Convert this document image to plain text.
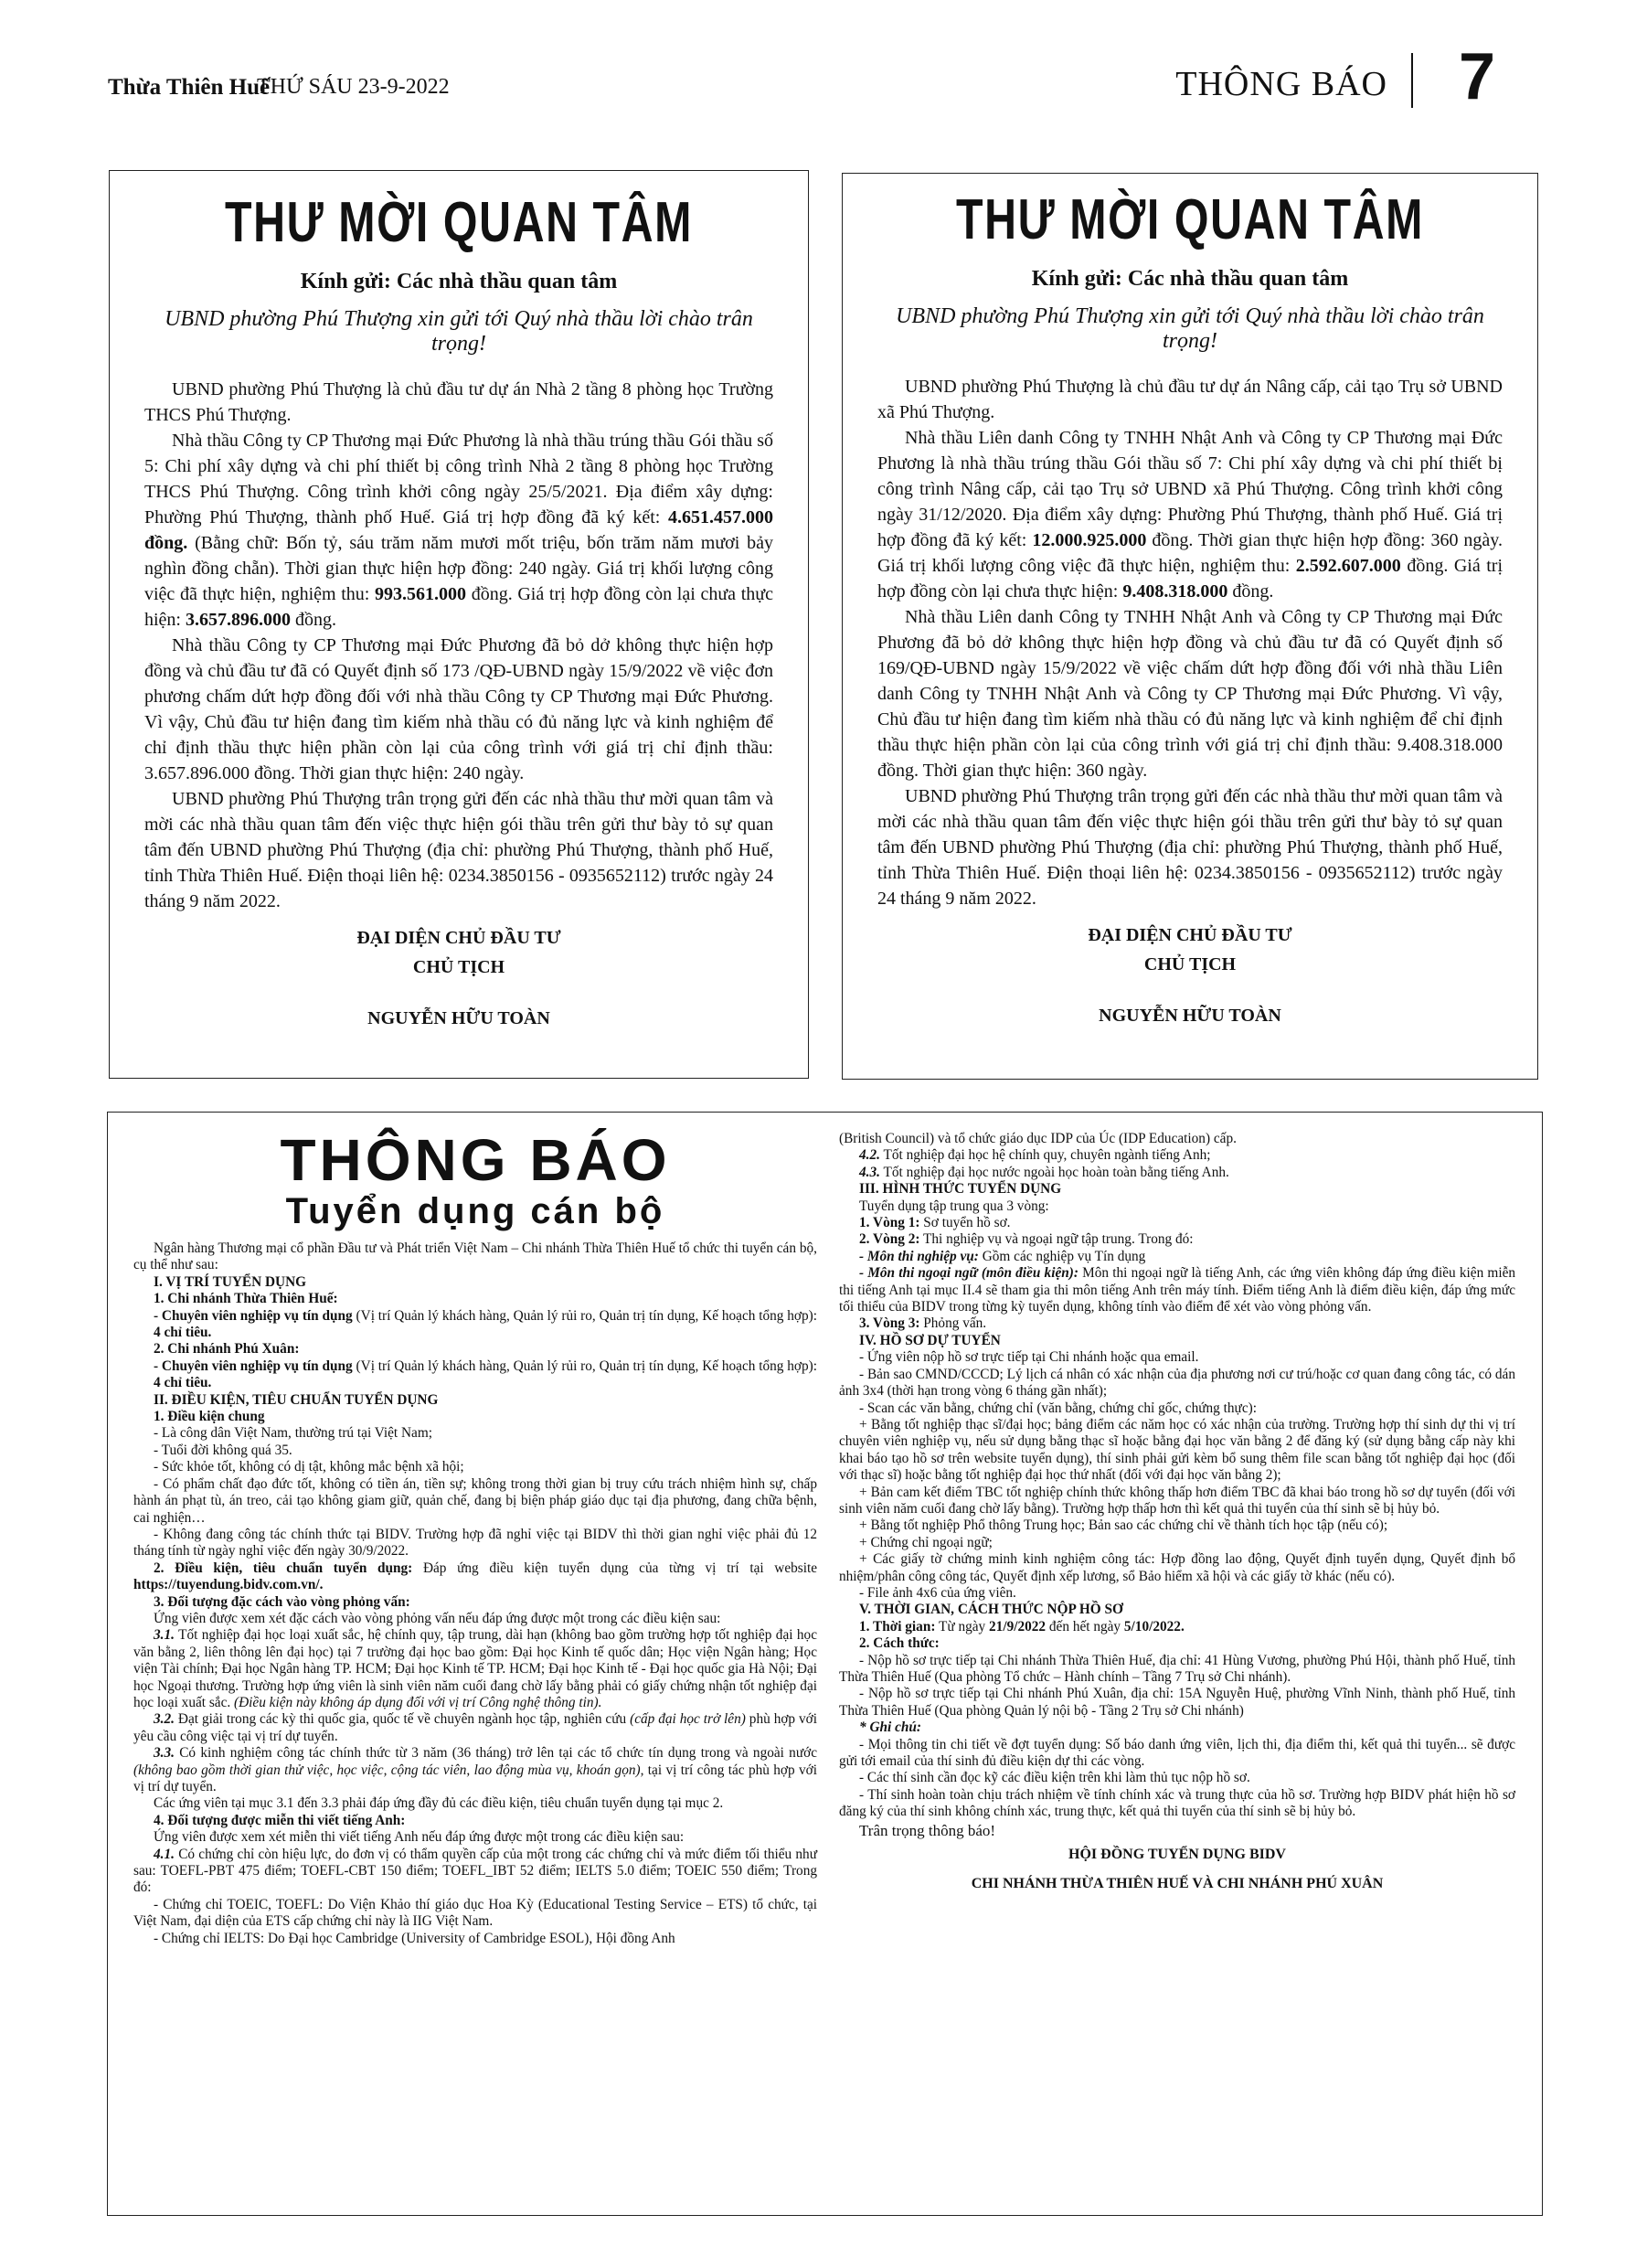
Thừa Thiên Huế
THỨ SÁU 23-9-2022	THÔNG BÁO 7
THƯ MỜI QUAN TÂM
Kính gửi: Các nhà thầu quan tâm
UBND phường Phú Thượng xin gửi tới Quý nhà thầu lời chào trân trọng!

UBND phường Phú Thượng là chủ đầu tư dự án Nhà 2 tầng 8 phòng học Trường THCS Phú Thượng.

Nhà thầu Công ty CP Thương mại Đức Phương là nhà thầu trúng thầu Gói thầu số 5: Chi phí xây dựng và chi phí thiết bị công trình Nhà 2 tầng 8 phòng học Trường THCS Phú Thượng. Công trình khởi công ngày 25/5/2021. Địa điểm xây dựng: Phường Phú Thượng, thành phố Huế. Giá trị hợp đồng đã ký kết: 4.651.457.000 đồng. (Bằng chữ: Bốn tỷ, sáu trăm năm mươi mốt triệu, bốn trăm năm mươi bảy nghìn đồng chẵn). Thời gian thực hiện hợp đồng: 240 ngày. Giá trị khối lượng công việc đã thực hiện, nghiệm thu: 993.561.000 đồng. Giá trị hợp đồng còn lại chưa thực hiện: 3.657.896.000 đồng.

Nhà thầu Công ty CP Thương mại Đức Phương đã bỏ dở không thực hiện hợp đồng và chủ đầu tư đã có Quyết định số 173 /QĐ-UBND ngày 15/9/2022 về việc đơn phương chấm dứt hợp đồng đối với nhà thầu Công ty CP Thương mại Đức Phương. Vì vậy, Chủ đầu tư hiện đang tìm kiếm nhà thầu có đủ năng lực và kinh nghiệm để chỉ định thầu thực hiện phần còn lại của công trình với giá trị chỉ định thầu: 3.657.896.000 đồng. Thời gian thực hiện: 240 ngày.

UBND phường Phú Thượng trân trọng gửi đến các nhà thầu thư mời quan tâm và mời các nhà thầu quan tâm đến việc thực hiện gói thầu trên gửi thư bày tỏ sự quan tâm đến UBND phường Phú Thượng (địa chỉ: phường Phú Thượng, thành phố Huế, tỉnh Thừa Thiên Huế. Điện thoại liên hệ: 0234.3850156 - 0935652112) trước ngày 24 tháng 9 năm 2022.

ĐẠI DIỆN CHỦ ĐẦU TƯ
CHỦ TỊCH
NGUYỄN HỮU TOÀN
THƯ MỜI QUAN TÂM
Kính gửi: Các nhà thầu quan tâm
UBND phường Phú Thượng xin gửi tới Quý nhà thầu lời chào trân trọng!

UBND phường Phú Thượng là chủ đầu tư dự án Nâng cấp, cải tạo Trụ sở UBND xã Phú Thượng.

Nhà thầu Liên danh Công ty TNHH Nhật Anh và Công ty CP Thương mại Đức Phương là nhà thầu trúng thầu Gói thầu số 7: Chi phí xây dựng và chi phí thiết bị công trình Nâng cấp, cải tạo Trụ sở UBND xã Phú Thượng. Công trình khởi công ngày 31/12/2020. Địa điểm xây dựng: Phường Phú Thượng, thành phố Huế. Giá trị hợp đồng đã ký kết: 12.000.925.000 đồng. Thời gian thực hiện hợp đồng: 360 ngày. Giá trị khối lượng công việc đã thực hiện, nghiệm thu: 2.592.607.000 đồng. Giá trị hợp đồng còn lại chưa thực hiện: 9.408.318.000 đồng.

Nhà thầu Liên danh Công ty TNHH Nhật Anh và Công ty CP Thương mại Đức Phương đã bỏ dở không thực hiện hợp đồng và chủ đầu tư đã có Quyết định số 169/QĐ-UBND ngày 15/9/2022 về việc chấm dứt hợp đồng đối với nhà thầu Liên danh Công ty TNHH Nhật Anh và Công ty CP Thương mại Đức Phương. Vì vậy, Chủ đầu tư hiện đang tìm kiếm nhà thầu có đủ năng lực và kinh nghiệm để chỉ định thầu thực hiện phần còn lại của công trình với giá trị chỉ định thầu: 9.408.318.000 đồng. Thời gian thực hiện: 360 ngày.

UBND phường Phú Thượng trân trọng gửi đến các nhà thầu thư mời quan tâm và mời các nhà thầu quan tâm đến việc thực hiện gói thầu trên gửi thư bày tỏ sự quan tâm đến UBND phường Phú Thượng (địa chỉ: phường Phú Thượng, thành phố Huế, tỉnh Thừa Thiên Huế. Điện thoại liên hệ: 0234.3850156 - 0935652112) trước ngày 24 tháng 9 năm 2022.

ĐẠI DIỆN CHỦ ĐẦU TƯ
CHỦ TỊCH
NGUYỄN HỮU TOÀN
THÔNG BÁO
Tuyển dụng cán bộ

Ngân hàng Thương mại cổ phần Đầu tư và Phát triển Việt Nam – Chi nhánh Thừa Thiên Huế tổ chức thi tuyển cán bộ, cụ thể như sau:

I. VỊ TRÍ TUYỂN DỤNG

1. Chi nhánh Thừa Thiên Huế:

- Chuyên viên nghiệp vụ tín dụng (Vị trí Quản lý khách hàng, Quản lý rủi ro, Quản trị tín dụng, Kế hoạch tổng hợp): 4 chỉ tiêu.

2. Chi nhánh Phú Xuân:

- Chuyên viên nghiệp vụ tín dụng (Vị trí Quản lý khách hàng, Quản lý rủi ro, Quản trị tín dụng, Kế hoạch tổng hợp): 4 chỉ tiêu.

II. ĐIỀU KIỆN, TIÊU CHUẨN TUYỂN DỤNG

1. Điều kiện chung

- Là công dân Việt Nam, thường trú tại Việt Nam;

- Tuổi đời không quá 35.

- Sức khỏe tốt, không có dị tật, không mắc bệnh xã hội;

- Có phẩm chất đạo đức tốt, không có tiền án, tiền sự; không trong thời gian bị truy cứu trách nhiệm hình sự, chấp hành án phạt tù, án treo, cải tạo không giam giữ, quản chế, đang bị biện pháp giáo dục tại địa phương, đang chữa bệnh, cai nghiện…

- Không đang công tác chính thức tại BIDV. Trường hợp đã nghỉ việc tại BIDV thì thời gian nghỉ việc phải đủ 12 tháng tính từ ngày nghỉ việc đến ngày 30/9/2022.

2. Điều kiện, tiêu chuẩn tuyển dụng: Đáp ứng điều kiện tuyển dụng của từng vị trí tại website https://tuyendung.bidv.com.vn/.

3. Đối tượng đặc cách vào vòng phỏng vấn:

Ứng viên được xem xét đặc cách vào vòng phỏng vấn nếu đáp ứng được một trong các điều kiện sau:

3.1. Tốt nghiệp đại học loại xuất sắc, hệ chính quy, tập trung, dài hạn (không bao gồm trường hợp tốt nghiệp đại học văn bằng 2, liên thông lên đại học) tại 7 trường đại học bao gồm: Đại học Kinh tế quốc dân; Học viện Ngân hàng; Học viện Tài chính; Đại học Ngân hàng TP. HCM; Đại học Kinh tế TP. HCM; Đại học Kinh tế - Đại học quốc gia Hà Nội; Đại học Ngoại thương. Trường hợp ứng viên là sinh viên năm cuối đang chờ lấy bằng phải có giấy chứng nhận tốt nghiệp đại học loại xuất sắc. (Điều kiện này không áp dụng đối với vị trí Công nghệ thông tin).

3.2. Đạt giải trong các kỳ thi quốc gia, quốc tế về chuyên ngành học tập, nghiên cứu (cấp đại học trở lên) phù hợp với yêu cầu công việc tại vị trí dự tuyển.

3.3. Có kinh nghiệm công tác chính thức từ 3 năm (36 tháng) trở lên tại các tổ chức tín dụng trong và ngoài nước (không bao gồm thời gian thử việc, học việc, cộng tác viên, lao động mùa vụ, khoán gọn), tại vị trí công tác phù hợp với vị trí dự tuyển.

Các ứng viên tại mục 3.1 đến 3.3 phải đáp ứng đầy đủ các điều kiện, tiêu chuẩn tuyển dụng tại mục 2.

4. Đối tượng được miễn thi viết tiếng Anh:

Ứng viên được xem xét miễn thi viết tiếng Anh nếu đáp ứng được một trong các điều kiện sau:

4.1. Có chứng chỉ còn hiệu lực, do đơn vị có thẩm quyền cấp của một trong các chứng chỉ và mức điểm tối thiểu như sau: TOEFL-PBT 475 điểm; TOEFL-CBT 150 điểm; TOEFL_IBT 52 điểm; IELTS 5.0 điểm; TOEIC 550 điểm; Trong đó:

- Chứng chỉ TOEIC, TOEFL: Do Viện Khảo thí giáo dục Hoa Kỳ (Educational Testing Service – ETS) tổ chức, tại Việt Nam, đại diện của ETS cấp chứng chỉ này là IIG Việt Nam.

- Chứng chỉ IELTS: Do Đại học Cambridge (University of Cambridge ESOL), Hội đồng Anh

(British Council) và tổ chức giáo dục IDP của Úc (IDP Education) cấp.

4.2. Tốt nghiệp đại học hệ chính quy, chuyên ngành tiếng Anh;

4.3. Tốt nghiệp đại học nước ngoài học hoàn toàn bằng tiếng Anh.

III. HÌNH THỨC TUYỂN DỤNG

Tuyển dụng tập trung qua 3 vòng:

1. Vòng 1: Sơ tuyển hồ sơ.

2. Vòng 2: Thi nghiệp vụ và ngoại ngữ tập trung. Trong đó:

- Môn thi nghiệp vụ: Gồm các nghiệp vụ Tín dụng

- Môn thi ngoại ngữ (môn điều kiện): Môn thi ngoại ngữ là tiếng Anh, các ứng viên không đáp ứng điều kiện miễn thi tiếng Anh tại mục II.4 sẽ tham gia thi môn tiếng Anh trên máy tính. Điểm tiếng Anh là điểm điều kiện, đáp ứng mức tối thiểu của BIDV trong từng kỳ tuyển dụng, không tính vào điểm để xét vào vòng phỏng vấn.

3. Vòng 3: Phỏng vấn.

IV. HỒ SƠ DỰ TUYỂN

- Ứng viên nộp hồ sơ trực tiếp tại Chi nhánh hoặc qua email.

- Bản sao CMND/CCCD; Lý lịch cá nhân có xác nhận của địa phương nơi cư trú/hoặc cơ quan đang công tác, có dán ảnh 3x4 (thời hạn trong vòng 6 tháng gần nhất);

- Scan các văn bằng, chứng chỉ (văn bằng, chứng chỉ gốc, chứng thực):

+ Bằng tốt nghiệp thạc sĩ/đại học; bảng điểm các năm học có xác nhận của trường. Trường hợp thí sinh dự thi vị trí chuyên viên nghiệp vụ, nếu sử dụng bằng thạc sĩ hoặc bằng đại học văn bằng 2 để đăng ký (sử dụng bằng cấp này khi khai báo tạo hồ sơ trên website tuyển dụng), thí sinh phải gửi kèm bổ sung thêm file scan bằng tốt nghiệp đại học (đối với thạc sĩ) hoặc bằng tốt nghiệp đại học thứ nhất (đối với đại học văn bằng 2);

+ Bản cam kết điểm TBC tốt nghiệp chính thức không thấp hơn điểm TBC đã khai báo trong hồ sơ dự tuyển (đối với sinh viên năm cuối đang chờ lấy bằng). Trường hợp thấp hơn thì kết quả thi tuyển của thí sinh sẽ bị hủy bỏ.

+ Bằng tốt nghiệp Phổ thông Trung học; Bản sao các chứng chỉ về thành tích học tập (nếu có);

+ Chứng chỉ ngoại ngữ;

+ Các giấy tờ chứng minh kinh nghiệm công tác: Hợp đồng lao động, Quyết định tuyển dụng, Quyết định bổ nhiệm/phân công công tác, Quyết định xếp lương, sổ Bảo hiểm xã hội và các giấy tờ khác (nếu có).

- File ảnh 4x6 của ứng viên.

V. THỜI GIAN, CÁCH THỨC NỘP HỒ SƠ

1. Thời gian: Từ ngày 21/9/2022 đến hết ngày 5/10/2022.

2. Cách thức:

- Nộp hồ sơ trực tiếp tại Chi nhánh Thừa Thiên Huế, địa chỉ: 41 Hùng Vương, phường Phú Hội, thành phố Huế, tỉnh Thừa Thiên Huế (Qua phòng Tổ chức – Hành chính – Tầng 7 Trụ sở Chi nhánh).

- Nộp hồ sơ trực tiếp tại Chi nhánh Phú Xuân, địa chỉ: 15A Nguyễn Huệ, phường Vĩnh Ninh, thành phố Huế, tỉnh Thừa Thiên Huế (Qua phòng Quản lý nội bộ - Tầng 2 Trụ sở Chi nhánh)

* Ghi chú:

- Mọi thông tin chi tiết về đợt tuyển dụng: Số báo danh ứng viên, lịch thi, địa điểm thi, kết quả thi tuyển... sẽ được gửi tới email của thí sinh đủ điều kiện dự thi các vòng.

- Các thí sinh cần đọc kỹ các điều kiện trên khi làm thủ tục nộp hồ sơ.

- Thí sinh hoàn toàn chịu trách nhiệm về tính chính xác và trung thực của hồ sơ. Trường hợp BIDV phát hiện hồ sơ đăng ký của thí sinh không chính xác, trung thực, kết quả thi tuyển của thí sinh sẽ bị hủy bỏ.

Trân trọng thông báo!

HỘI ĐỒNG TUYỂN DỤNG BIDV

CHI NHÁNH THỪA THIÊN HUẾ VÀ CHI NHÁNH PHÚ XUÂN
